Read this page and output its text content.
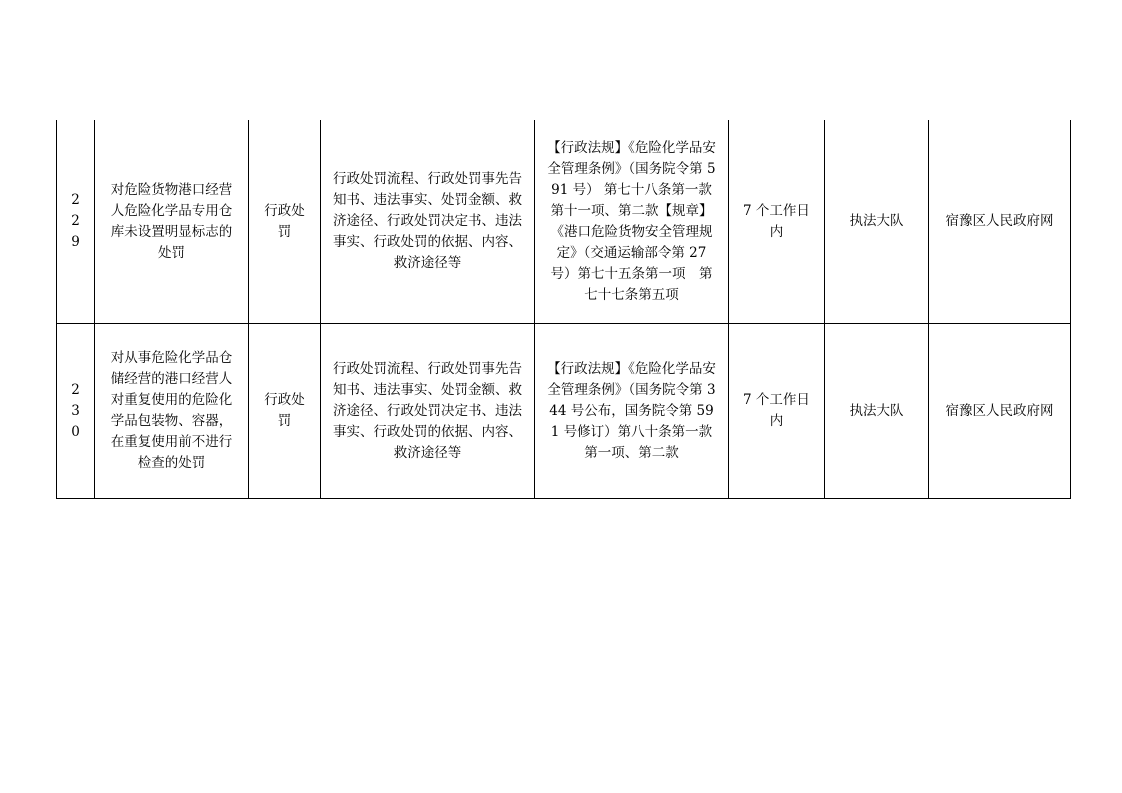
229	对危险货物港口经营人危险化学品专用仓库未设置明显标志的处罚	行政处罚	行政处罚流程、行政处罚事先告知书、违法事实、处罚金额、救济途径、行政处罚决定书、违法事实、行政处罚的依据、内容、救济途径等	【行政法规】《危险化学品安全管理条例》（国务院令第 591 号） 第七十八条第一款第十一项、第二款【规章】《港口危险货物安全管理规定》（交通运输部令第 27 号）第七十五条第一项　第七十七条第五项	7 个工作日内	执法大队	宿豫区人民政府网
230	对从事危险化学品仓储经营的港口经营人对重复使用的危险化学品包装物、容器，在重复使用前不进行检查的处罚	行政处罚	行政处罚流程、行政处罚事先告知书、违法事实、处罚金额、救济途径、行政处罚决定书、违法事实、行政处罚的依据、内容、救济途径等	【行政法规】《危险化学品安全管理条例》（国务院令第 344 号公布，国务院令第 591 号修订）第八十条第一款第一项、第二款	7 个工作日内	执法大队	宿豫区人民政府网
